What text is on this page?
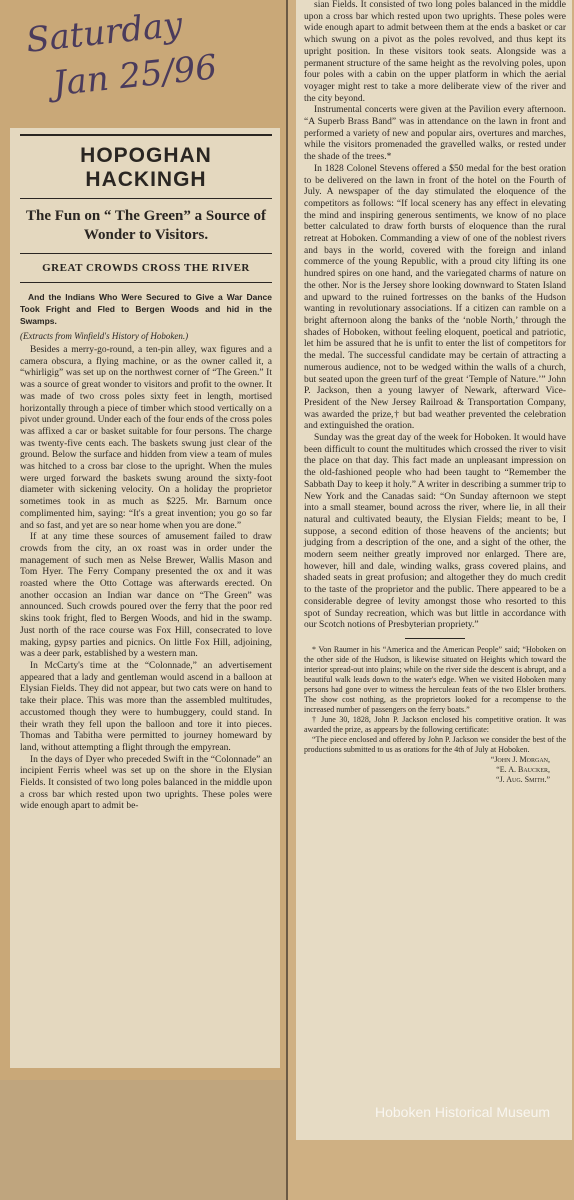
Saturday
Jan 25/96
HOPOGHAN HACKINGH
The Fun on “ The Green” a Source of Wonder to Visitors.
GREAT CROWDS CROSS THE RIVER
And the Indians Who Were Secured to Give a War Dance Took Fright and Fled to Bergen Woods and hid in the Swamps.
(Extracts from Winfield's History of Hoboken.)

Besides a merry-go-round, a ten-pin alley, wax figures and a camera obscura, a flying machine, or as the owner called it, a “whirligig” was set up on the northwest corner of “The Green.” It was a source of great wonder to visitors and profit to the owner. It was made of two cross poles sixty feet in length, mortised horizontally through a piece of timber which stood vertically on a pivot under ground. Under each of the four ends of the cross poles was affixed a car or basket suitable for four persons. The charge was twenty-five cents each. The baskets swung just clear of the ground. Below the surface and hidden from view a team of mules was hitched to a cross bar close to the upright. When the mules were urged forward the baskets swung around the sixty-foot diameter with sickening velocity. On a holiday the proprietor sometimes took in as much as $225. Mr. Barnum once complimented him, saying: “It's a great invention; you go so far and so fast, and yet are so near home when you are done.”

If at any time these sources of amusement failed to draw crowds from the city, an ox roast was in order under the management of such men as Nelse Brewer, Wallis Mason and Tom Hyer. The Ferry Company presented the ox and it was roasted where the Otto Cottage was afterwards erected. On another occasion an Indian war dance on “The Green” was announced. Such crowds poured over the ferry that the poor red skins took fright, fled to Bergen Woods, and hid in the swamp. Just north of the race course was Fox Hill, consecrated to love making, gypsy parties and picnics. On little Fox Hill, adjoining, was a deer park, established by a western man.

In McCarty's time at the “Colonnade,” an advertisement appeared that a lady and gentleman would ascend in a balloon at Elysian Fields. They did not appear, but two cats were on hand to take their place. This was more than the assembled multitudes, accustomed though they were to humbuggery, could stand. In their wrath they fell upon the balloon and tore it into pieces. Thomas and Tabitha were permitted to journey homeward by land, without attempting a flight through the empyrean.

In the days of Dyer who preceded Swift in the “Colonnade” an incipient Ferris wheel was set up on the shore in the Elysian Fields. It consisted of two long poles balanced in the middle upon a cross bar which rested upon two uprights. These poles were wide enough apart to admit be-

sian Fields. It consisted of two long poles balanced in the middle upon a cross bar which rested upon two uprights. These poles were wide enough apart to admit between them at the ends a basket or car which swung on a pivot as the poles revolved, and thus kept its upright position. In these visitors took seats. Alongside was a permanent structure of the same height as the revolving poles, upon four poles with a cabin on the upper platform in which the aerial voyager might rest to take a more deliberate view of the river and the city beyond.

Instrumental concerts were given at the Pavilion every afternoon. “A Superb Brass Band” was in attendance on the lawn in front and performed a variety of new and popular airs, overtures and marches, while the visitors promenaded the gravelled walks, or rested under the shade of the trees.*

In 1828 Colonel Stevens offered a $50 medal for the best oration to be delivered on the lawn in front of the hotel on the Fourth of July. A newspaper of the day stimulated the eloquence of the competitors as follows: “If local scenery has any effect in elevating the mind and inspiring generous sentiments, we know of no place better calculated to draw forth bursts of eloquence than the rural retreat at Hoboken. Commanding a view of one of the noblest rivers and bays in the world, covered with the foreign and inland commerce of the young Republic, with a proud city lifting its one hundred spires on one hand, and the variegated charms of nature on the other. Nor is the Jersey shore looking downward to Staten Island and upward to the ruined fortresses on the banks of the Hudson wanting in revolutionary associations. If a citizen can ramble on a bright afternoon along the banks of the ‘noble North,’ through the shades of Hoboken, without feeling eloquent, poetical and patriotic, let him be assured that he is unfit to enter the list of competitors for the medal. The successful candidate may be certain of attracting a numerous audience, not to be wedged within the walls of a church, but seated upon the green turf of the great ‘Temple of Nature.’” John P. Jackson, then a young lawyer of Newark, afterward Vice-President of the New Jersey Railroad & Transportation Company, was awarded the prize,† but bad weather prevented the celebration and extinguished the oration.

Sunday was the great day of the week for Hoboken. It would have been difficult to count the multitudes which crossed the river to visit the place on that day. This fact made an unpleasant impression on the old-fashioned people who had been taught to “Remember the Sabbath Day to keep it holy.” A writer in describing a summer trip to New York and the Canadas said: “On Sunday afternoon we stept into a small steamer, bound across the river, where lie, in all their natural and cultivated beauty, the Elysian Fields; meant to be, I suppose, a second edition of those heavens of the ancients; but judging from a description of the one, and a sight of the other, the modern seem neither greatly improved nor enlarged. There are, however, hill and dale, winding walks, grass covered plains, and shaded seats in great profusion; and altogether they do much credit to the taste of the proprietor and the public. There appeared to be a considerable degree of levity amongst those who resorted to this spot of Sunday recreation, which was but little in accordance with our Scotch notions of Presbyterian propriety.”

* Von Raumer in his “America and the American People” said; “Hoboken on the other side of the Hudson, is likewise situated on Heights which toward the interior spread-out into plains; while on the river side the descent is abrupt, and a beautiful walk leads down to the water's edge. When we visited Hoboken many persons had gone over to witness the herculean feats of the two Elsler brothers. The show cost nothing, as the proprietors looked for a recompense to the increased number of passengers on the ferry boats.”

† June 30, 1828, John P. Jackson enclosed his competitive oration. It was awarded the prize, as appears by the following certificate:

“The piece enclosed and offered by John P. Jackson we consider the best of the productions submitted to us as orations for the 4th of July at Hoboken.

“John J. Morgan,
“E. A. Baucker,
“J. Aug. Smith.”
Hoboken Historical Museum
